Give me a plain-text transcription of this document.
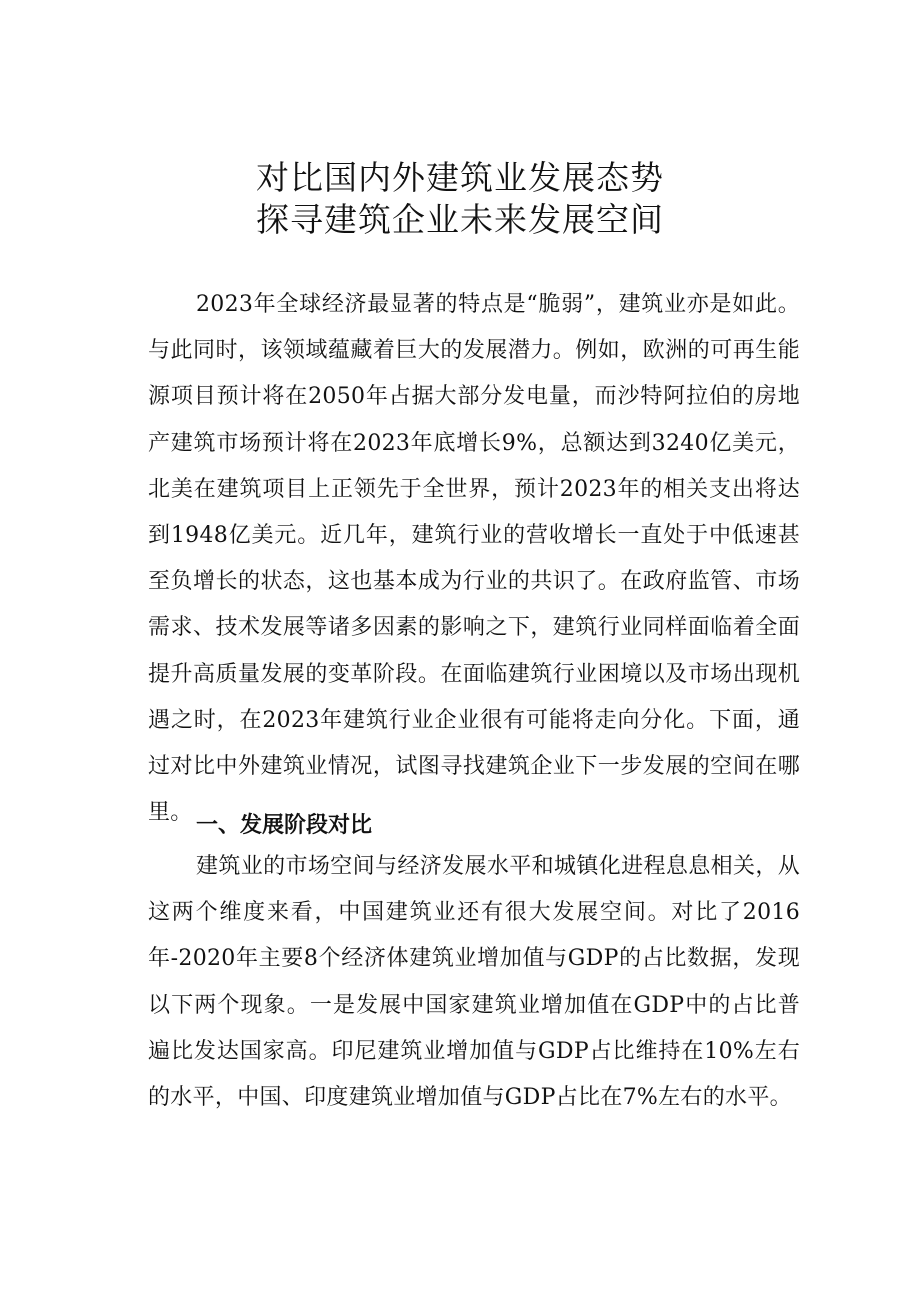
对比国内外建筑业发展态势
探寻建筑企业未来发展空间

2023年全球经济最显著的特点是“脆弱”，建筑业亦是如此。与此同时，该领域蕴藏着巨大的发展潜力。例如，欧洲的可再生能源项目预计将在2050年占据大部分发电量，而沙特阿拉伯的房地产建筑市场预计将在2023年底增长9%，总额达到3240亿美元，北美在建筑项目上正领先于全世界，预计2023年的相关支出将达到1948亿美元。近几年，建筑行业的营收增长一直处于中低速甚至负增长的状态，这也基本成为行业的共识了。在政府监管、市场需求、技术发展等诸多因素的影响之下，建筑行业同样面临着全面提升高质量发展的变革阶段。在面临建筑行业困境以及市场出现机遇之时，在2023年建筑行业企业很有可能将走向分化。下面，通过对比中外建筑业情况，试图寻找建筑企业下一步发展的空间在哪里。

一、发展阶段对比

建筑业的市场空间与经济发展水平和城镇化进程息息相关，从这两个维度来看，中国建筑业还有很大发展空间。对比了2016年-2020年主要8个经济体建筑业增加值与GDP的占比数据，发现以下两个现象。一是发展中国家建筑业增加值在GDP中的占比普遍比发达国家高。印尼建筑业增加值与GDP占比维持在10%左右的水平，中国、印度建筑业增加值与GDP占比在7%左右的水平。
